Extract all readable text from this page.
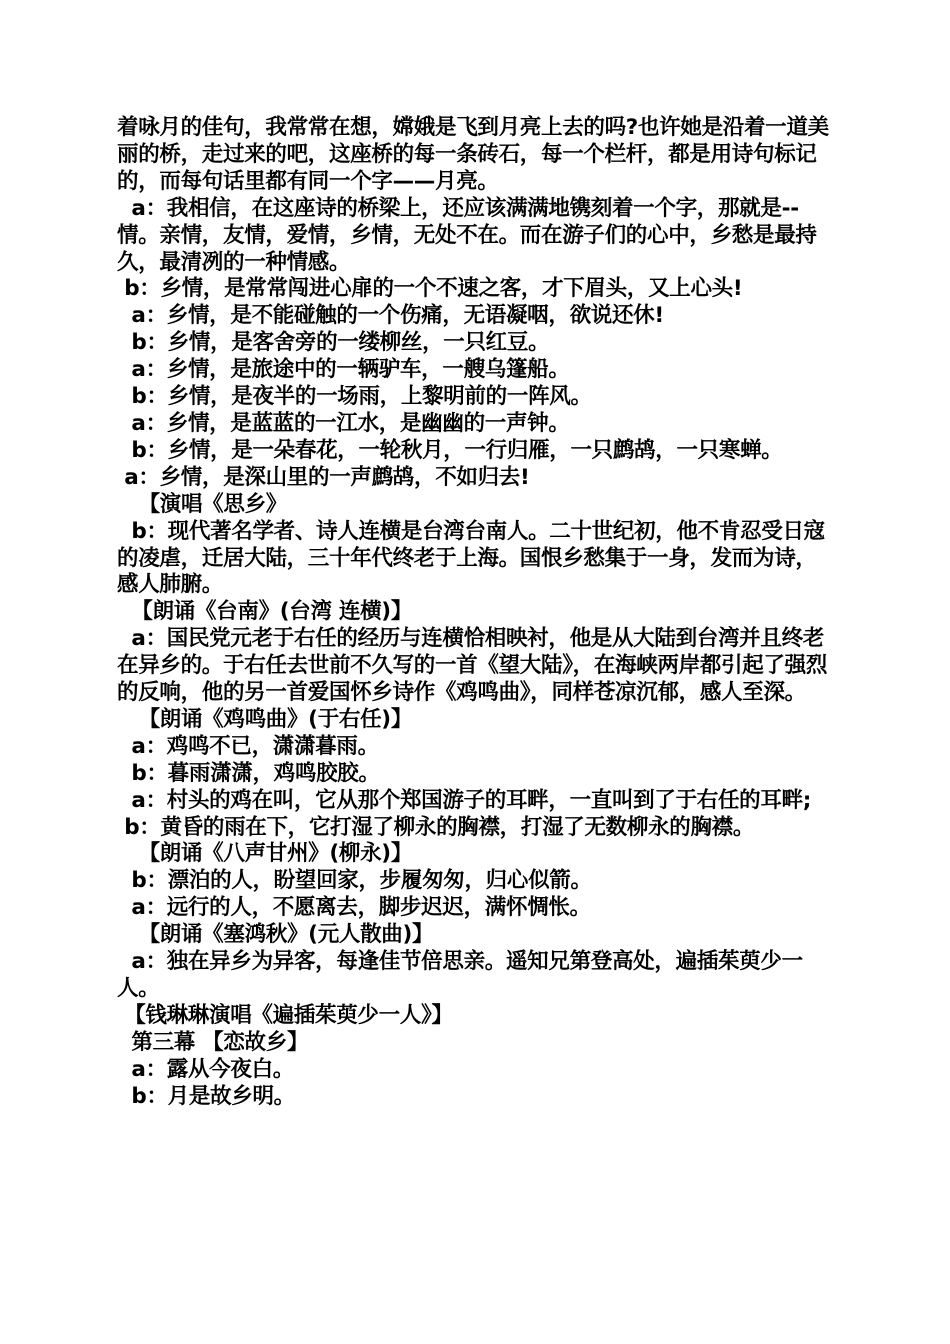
着咏月的佳句，我常常在想，嫦娥是飞到月亮上去的吗?也许她是沿着一道美丽的桥，走过来的吧，这座桥的每一条砖石，每一个栏杆，都是用诗句标记的，而每句话里都有同一个字——月亮。
a：我相信，在这座诗的桥梁上，还应该满满地镌刻着一个字，那就是--情。亲情，友情，爱情，乡情，无处不在。而在游子们的心中，乡愁是最持久，最清冽的一种情感。
b：乡情，是常常闯进心扉的一个不速之客，才下眉头，又上心头!
a：乡情，是不能碰触的一个伤痛，无语凝咽，欲说还休!
b：乡情，是客舍旁的一缕柳丝，一只红豆。
a：乡情，是旅途中的一辆驴车，一艘乌篷船。
b：乡情，是夜半的一场雨，上黎明前的一阵风。
a：乡情，是蓝蓝的一江水，是幽幽的一声钟。
b：乡情，是一朵春花，一轮秋月，一行归雁，一只鹧鸪，一只寒蝉。
a：乡情，是深山里的一声鹧鸪，不如归去!
【演唱《思乡》
b：现代著名学者、诗人连横是台湾台南人。二十世纪初，他不肯忍受日寇的凌虐，迁居大陆，三十年代终老于上海。国恨乡愁集于一身，发而为诗，感人肺腑。
【朗诵《台南》(台湾 连横)】
a：国民党元老于右任的经历与连横恰相映衬，他是从大陆到台湾并且终老在异乡的。于右任去世前不久写的一首《望大陆》，在海峡两岸都引起了强烈的反响，他的另一首爱国怀乡诗作《鸡鸣曲》，同样苍凉沉郁，感人至深。
【朗诵《鸡鸣曲》(于右任)】
a：鸡鸣不已，潇潇暮雨。
b：暮雨潇潇，鸡鸣胶胶。
a：村头的鸡在叫，它从那个郑国游子的耳畔，一直叫到了于右任的耳畔;
b：黄昏的雨在下，它打湿了柳永的胸襟，打湿了无数柳永的胸襟。
【朗诵《八声甘州》(柳永)】
b：漂泊的人，盼望回家，步履匆匆，归心似箭。
a：远行的人，不愿离去，脚步迟迟，满怀惆怅。
【朗诵《塞鸿秋》(元人散曲)】
a：独在异乡为异客，每逢佳节倍思亲。遥知兄第登高处，遍插茱萸少一人。
【钱琳琳演唱《遍插茱萸少一人》】
第三幕 【恋故乡】
a：露从今夜白。
b：月是故乡明。
